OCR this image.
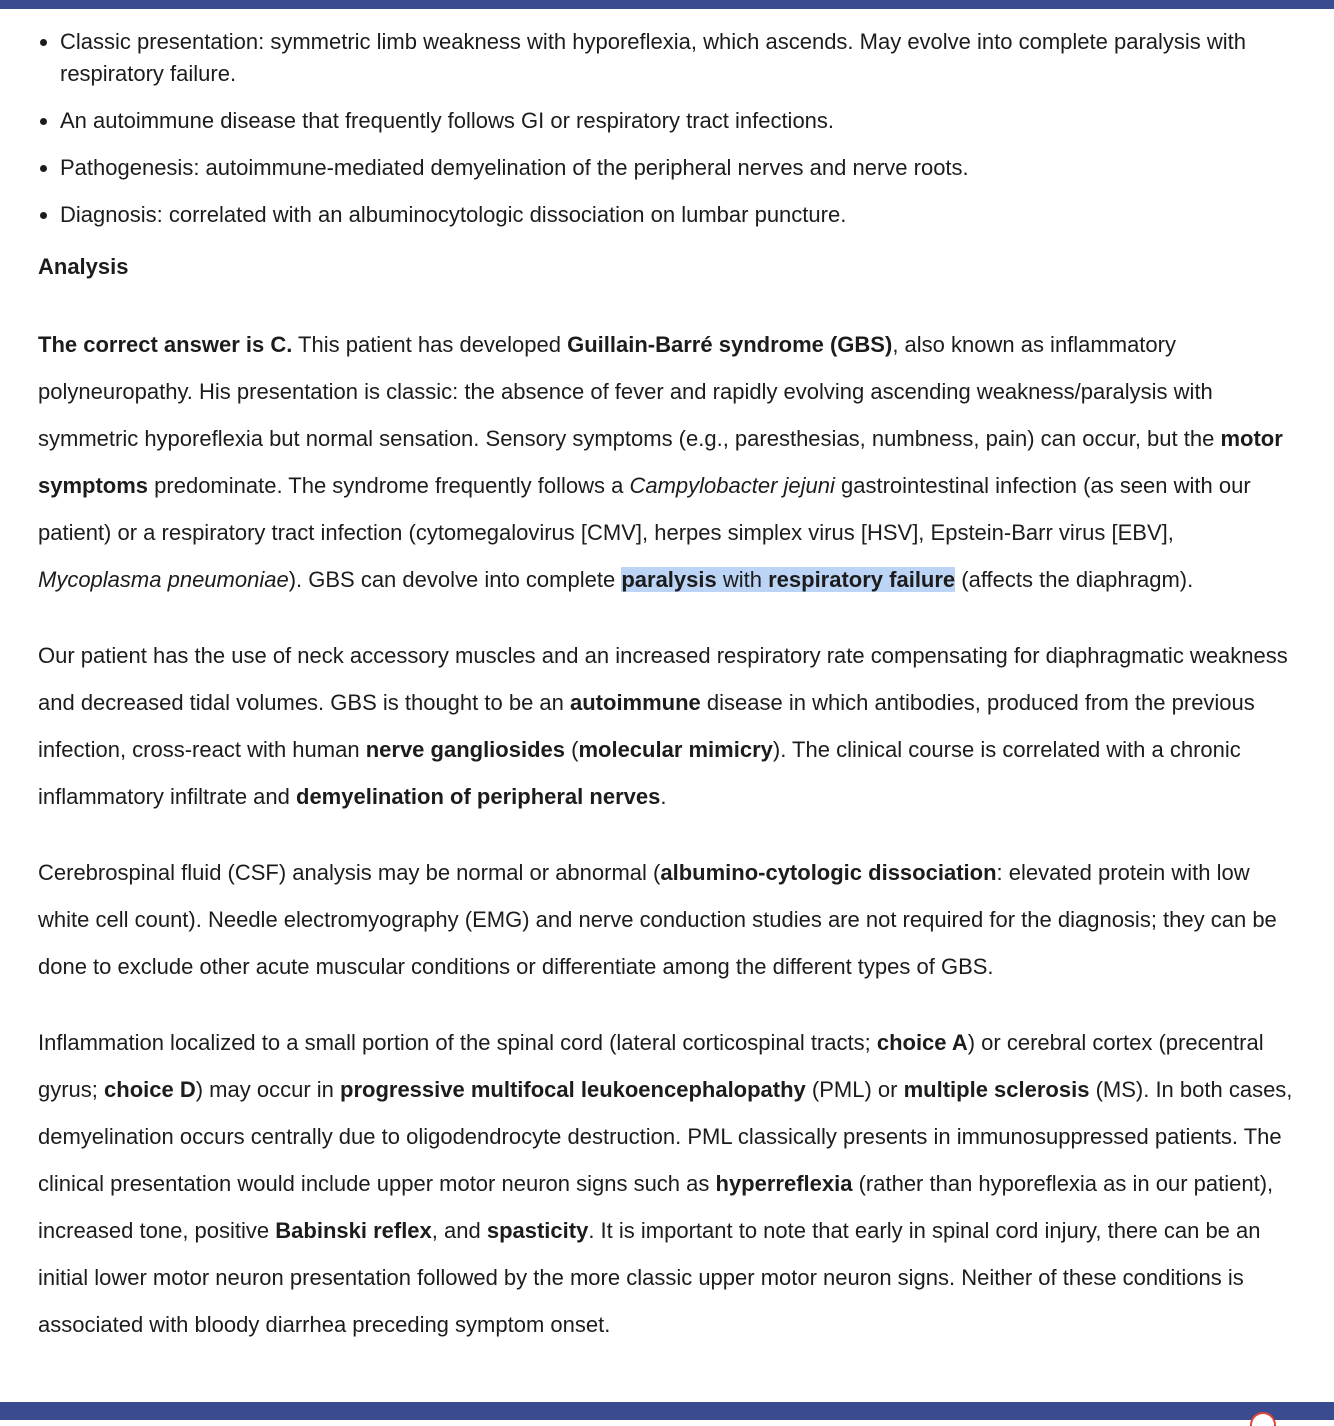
• Classic presentation: symmetric limb weakness with hyporeflexia, which ascends. May evolve into complete paralysis with respiratory failure.
• An autoimmune disease that frequently follows GI or respiratory tract infections.
• Pathogenesis: autoimmune-mediated demyelination of the peripheral nerves and nerve roots.
• Diagnosis: correlated with an albuminocytologic dissociation on lumbar puncture.
Analysis

The correct answer is C. This patient has developed Guillain-Barré syndrome (GBS), also known as inflammatory polyneuropathy. His presentation is classic: the absence of fever and rapidly evolving ascending weakness/paralysis with symmetric hyporeflexia but normal sensation. Sensory symptoms (e.g., paresthesias, numbness, pain) can occur, but the motor symptoms predominate. The syndrome frequently follows a Campylobacter jejuni gastrointestinal infection (as seen with our patient) or a respiratory tract infection (cytomegalovirus [CMV], herpes simplex virus [HSV], Epstein-Barr virus [EBV], Mycoplasma pneumoniae). GBS can devolve into complete paralysis with respiratory failure (affects the diaphragm).

Our patient has the use of neck accessory muscles and an increased respiratory rate compensating for diaphragmatic weakness and decreased tidal volumes. GBS is thought to be an autoimmune disease in which antibodies, produced from the previous infection, cross-react with human nerve gangliosides (molecular mimicry). The clinical course is correlated with a chronic inflammatory infiltrate and demyelination of peripheral nerves.

Cerebrospinal fluid (CSF) analysis may be normal or abnormal (albumino-cytologic dissociation: elevated protein with low white cell count). Needle electromyography (EMG) and nerve conduction studies are not required for the diagnosis; they can be done to exclude other acute muscular conditions or differentiate among the different types of GBS.

Inflammation localized to a small portion of the spinal cord (lateral corticospinal tracts; choice A) or cerebral cortex (precentral gyrus; choice D) may occur in progressive multifocal leukoencephalopathy (PML) or multiple sclerosis (MS). In both cases, demyelination occurs centrally due to oligodendrocyte destruction. PML classically presents in immunosuppressed patients. The clinical presentation would include upper motor neuron signs such as hyperreflexia (rather than hyporeflexia as in our patient), increased tone, positive Babinski reflex, and spasticity. It is important to note that early in spinal cord injury, there can be an initial lower motor neuron presentation followed by the more classic upper motor neuron signs. Neither of these conditions is associated with bloody diarrhea preceding symptom onset.
